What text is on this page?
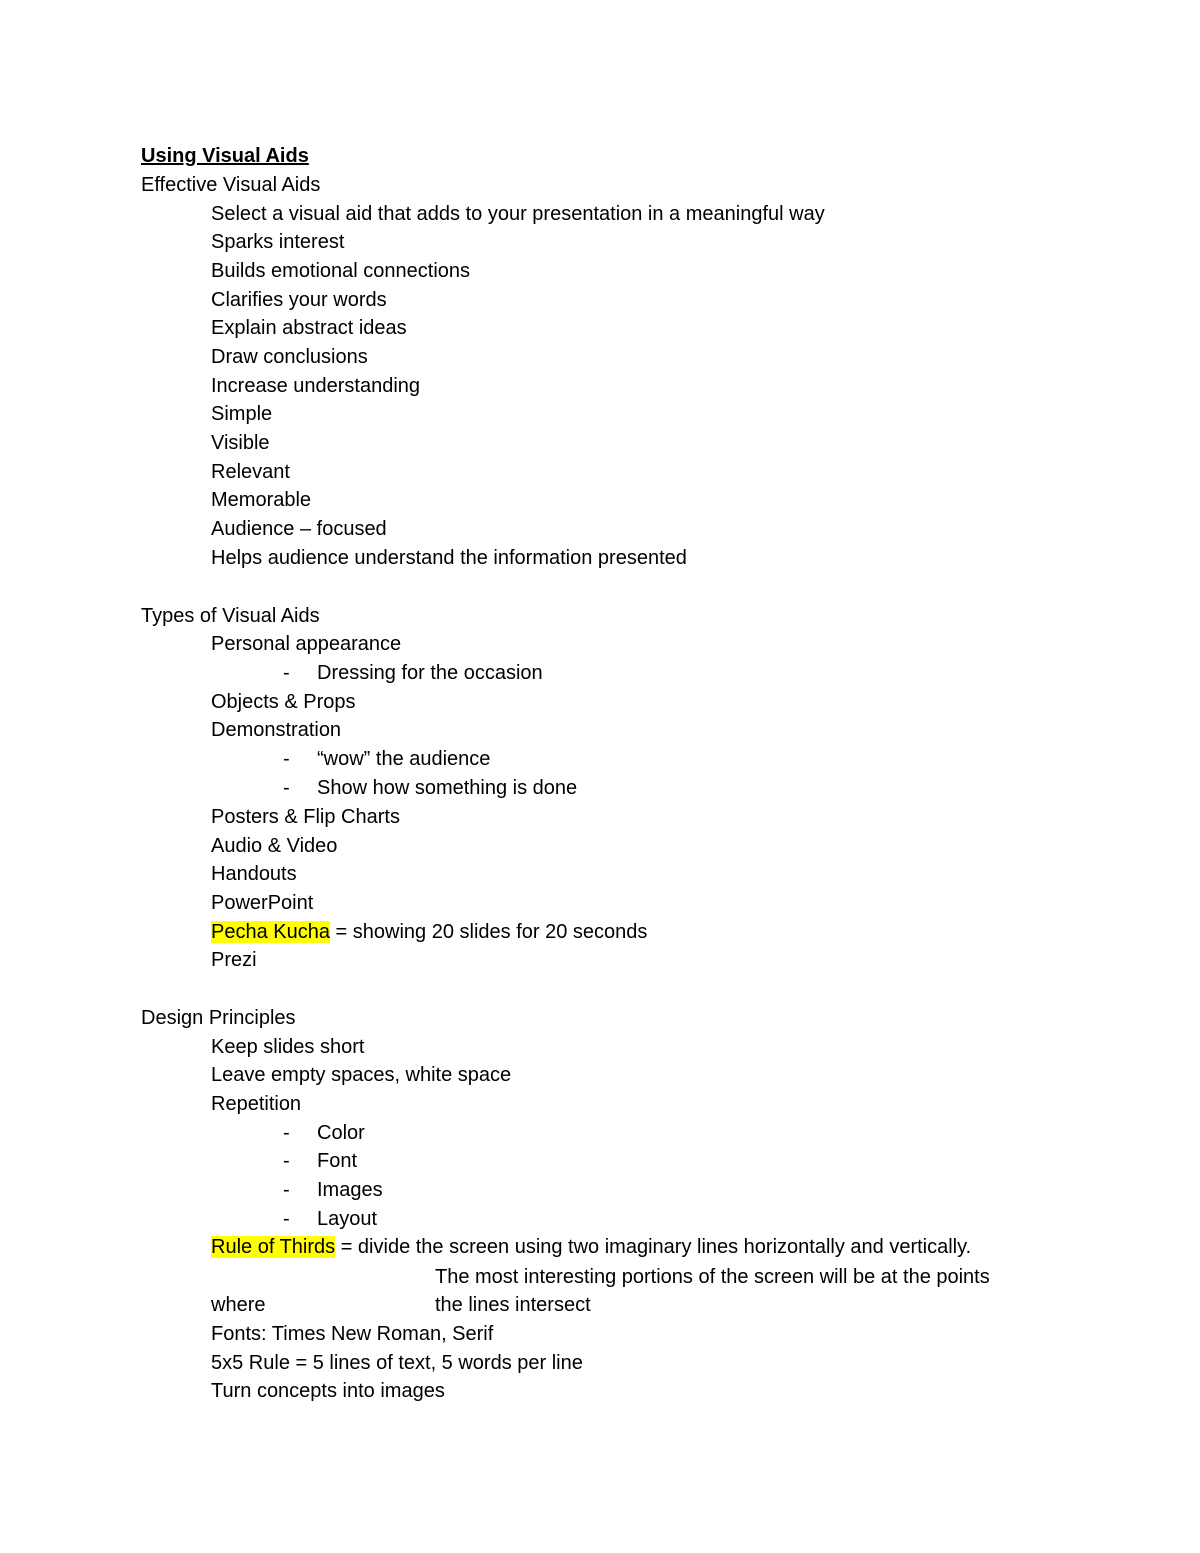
Using Visual Aids
Effective Visual Aids
Select a visual aid that adds to your presentation in a meaningful way
Sparks interest
Builds emotional connections
Clarifies your words
Explain abstract ideas
Draw conclusions
Increase understanding
Simple
Visible
Relevant
Memorable
Audience – focused
Helps audience understand the information presented
Types of Visual Aids
Personal appearance
- Dressing for the occasion
Objects & Props
Demonstration
- “wow” the audience
- Show how something is done
Posters & Flip Charts
Audio & Video
Handouts
PowerPoint
Pecha Kucha = showing 20 slides for 20 seconds
Prezi
Design Principles
Keep slides short
Leave empty spaces, white space
Repetition
- Color
- Font
- Images
- Layout
Rule of Thirds = divide the screen using two imaginary lines horizontally and vertically.
The most interesting portions of the screen will be at the points
where	the lines intersect
Fonts: Times New Roman, Serif
5x5 Rule = 5 lines of text, 5 words per line
Turn concepts into images
